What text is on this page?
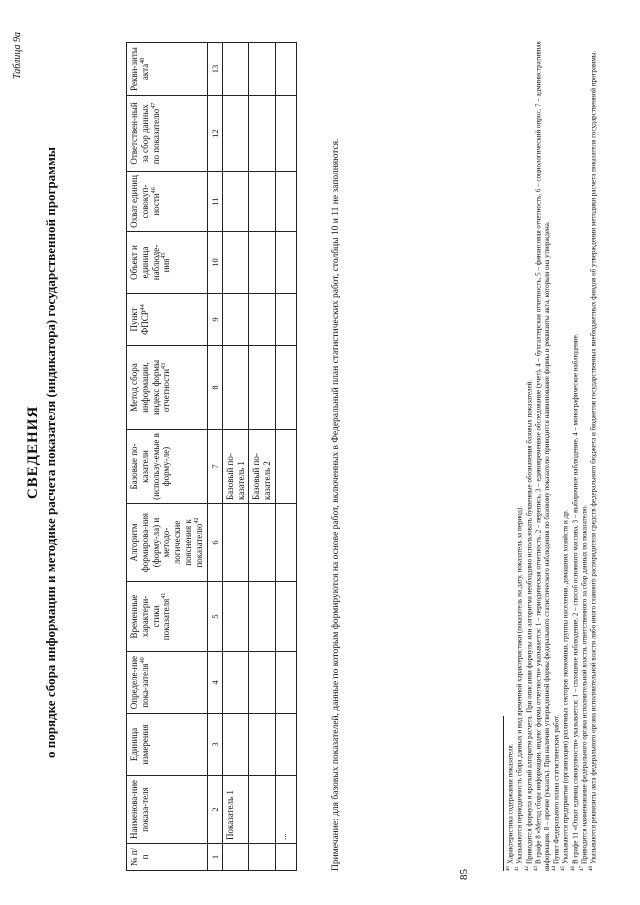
85
Таблица 9а
СВЕДЕНИЯ о порядке сбора информации и методике расчета показателя (индикатора) государственной программы
№ п/п	Наименова-ние показа-теля	Единица измерения	Определе-ние пока-зателя$^{40}$	Временные характери-стики показателя$^{41}$	Алгоритм формирова-ния (форму-ла) и методо-логические пояснения к показателю$^{42}$	Базовые по-казатели (использу-емые в форму-ле)	Метод сбора информации, индекс формы отчетности$^{43}$	Пункт ФПСР$^{44}$	Объект и единица наблюде-ния$^{45}$	Охват единиц совокуп-ности$^{46}$	Ответствен-ный за сбор данных по показателю$^{47}$	Рекви-зиты акта$^{48}$
1	2	3	4	5	6	7	8	9	10	11	12	13
	Показатель 1					Базовый по-казатель 1						
						Базовый по-казатель 2						
	...												Примечание: для базовых показателей, данные по которым формируются на основе работ, включенных в Федеральный план статистических работ, столбцы 10 и 11 не заполняются.	$^{40}$Характеристика содержания показателя.

$^{41}$Указываются периодичность сбора данных и вид временной характеристики (показатель на дату, показатель за период).

$^{42}$Приводится формула и краткий алгоритм расчета. При описании формулы или алгоритма необходимо использовать буквенные обозначения базовых показателей.

$^{43}$В графе 8 «Метод сбора информации, индекс формы отчетности» указывается: 1 – периодическая отчетность, 2 – перепись, 3 – единовременное обследование (учет), 4 – бухгалтерская отчетность, 5 – финансовая отчетность, 6 – социологический опрос, 7 – административная информация, 8 – прочие (указать). При наличии утвержденной формы федерального статистического наблюдения по базовому показателю приводится наименование формы и реквизиты акта, которым она утверждена. $^{44}$Пункт Федерального плана статистических работ.

$^{45}$Указываются предприятия (организации) различных секторов экономики, группы населения, домашних хозяйств и др.

$^{46}$В графе 11 «Охват единиц совокупности» указывается: 1 – сплошное наблюдение, 2 – способ основного массива, 3 – выборочное наблюдение, 4 – монографическое наблюдение.

$^{47}$Приводится наименование федерального органа исполнительной власти, ответственного за сбор данных по показателю.

$^{48}$Указываются реквизиты акта федерального органа исполнительной власти либо иного главного распорядителя средств федерального бюджета и бюджетов государственных внебюджетных фондов об утверждении методики расчета показателя государственной программы.
